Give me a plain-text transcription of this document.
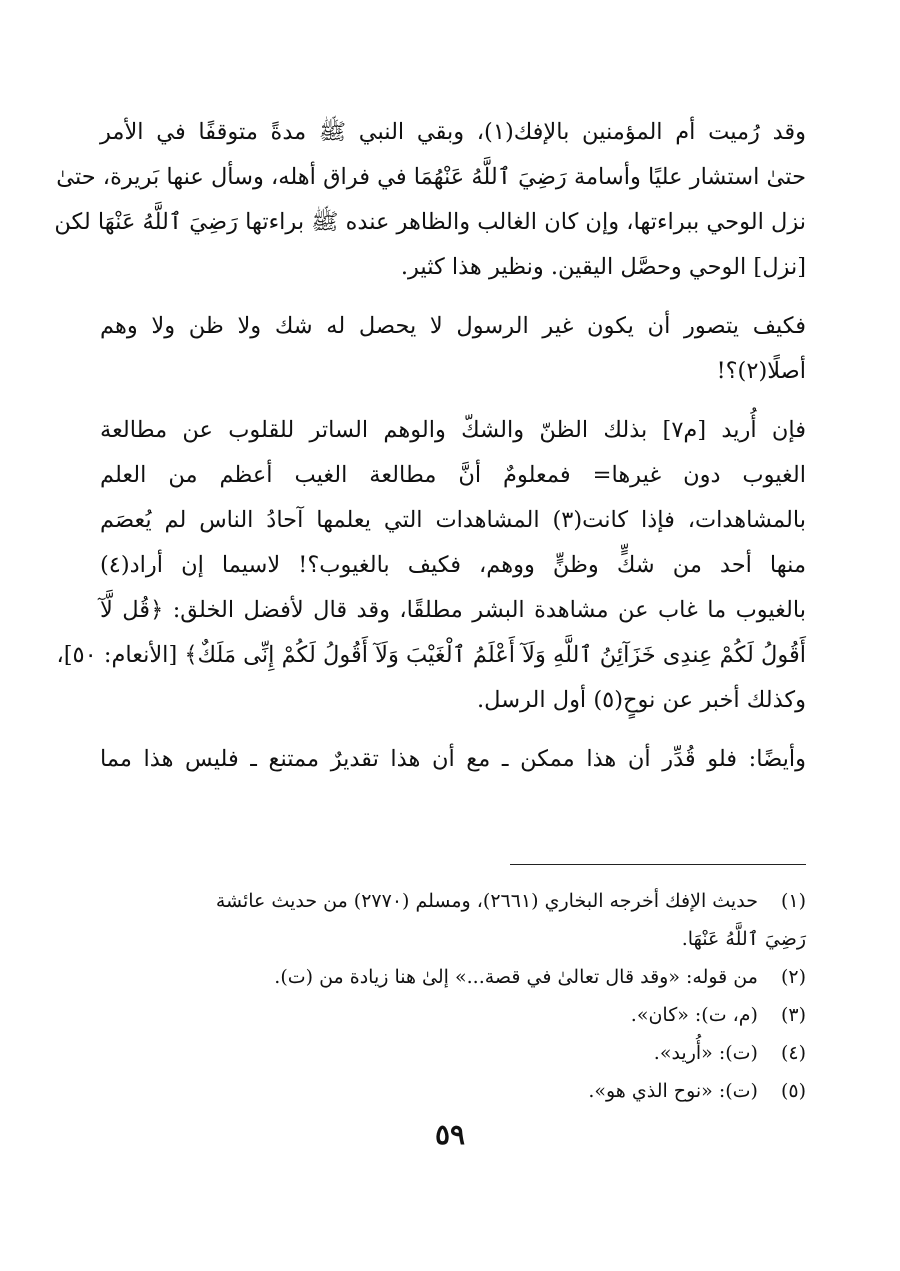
وقد رُميت أم المؤمنين بالإفك(١)، وبقي النبي ﷺ مدةً متوقفًا في الأمر

حتىٰ استشار عليًا وأسامة رَضِيَ ٱللَّهُ عَنْهُمَا في فراق أهله، وسأل عنها بَريرة، حتىٰ

نزل الوحي ببراءتها، وإن كان الغالب والظاهر عنده ﷺ براءتها رَضِيَ ٱللَّهُ عَنْهَا لكن

[نزل] الوحي وحصَّل اليقين. ونظير هذا كثير.

فكيف يتصور أن يكون غير الرسول لا يحصل له شك ولا ظن ولا وهم

أصلًا(٢)؟!

فإن أُريد [م٧] بذلك الظنّ والشكّ والوهم الساتر للقلوب عن مطالعة

الغيوب دون غيرها= فمعلومٌ أنَّ مطالعة الغيب أعظم من العلم

بالمشاهدات، فإذا كانت(٣) المشاهدات التي يعلمها آحادُ الناس لم يُعصَم

منها أحد من شكٍّ وظنٍّ ووهم، فكيف بالغيوب؟! لاسيما إن أراد(٤)

بالغيوب ما غاب عن مشاهدة البشر مطلقًا، وقد قال لأفضل الخلق: ﴿قُل لَّآ

أَقُولُ لَكُمْ عِندِى خَزَآئِنُ ٱللَّهِ وَلَآ أَعْلَمُ ٱلْغَيْبَ وَلَآ أَقُولُ لَكُمْ إِنِّى مَلَكٌ﴾ [الأنعام: ٥٠]،

وكذلك أخبر عن نوحٍ(٥) أول الرسل.

وأيضًا: فلو قُدِّر أن هذا ممكن ـ مع أن هذا تقديرٌ ممتنع ـ فليس هذا مما

(١) حديث الإفك أخرجه البخاري (٢٦٦١)، ومسلم (٢٧٧٠) من حديث عائشة
رَضِيَ ٱللَّهُ عَنْهَا.
(٢) من قوله: «وقد قال تعالىٰ في قصة...» إلىٰ هنا زيادة من (ت).
(٣) (م، ت): «كان».
(٤) (ت): «أُريد».
(٥) (ت): «نوح الذي هو».
٥٩
